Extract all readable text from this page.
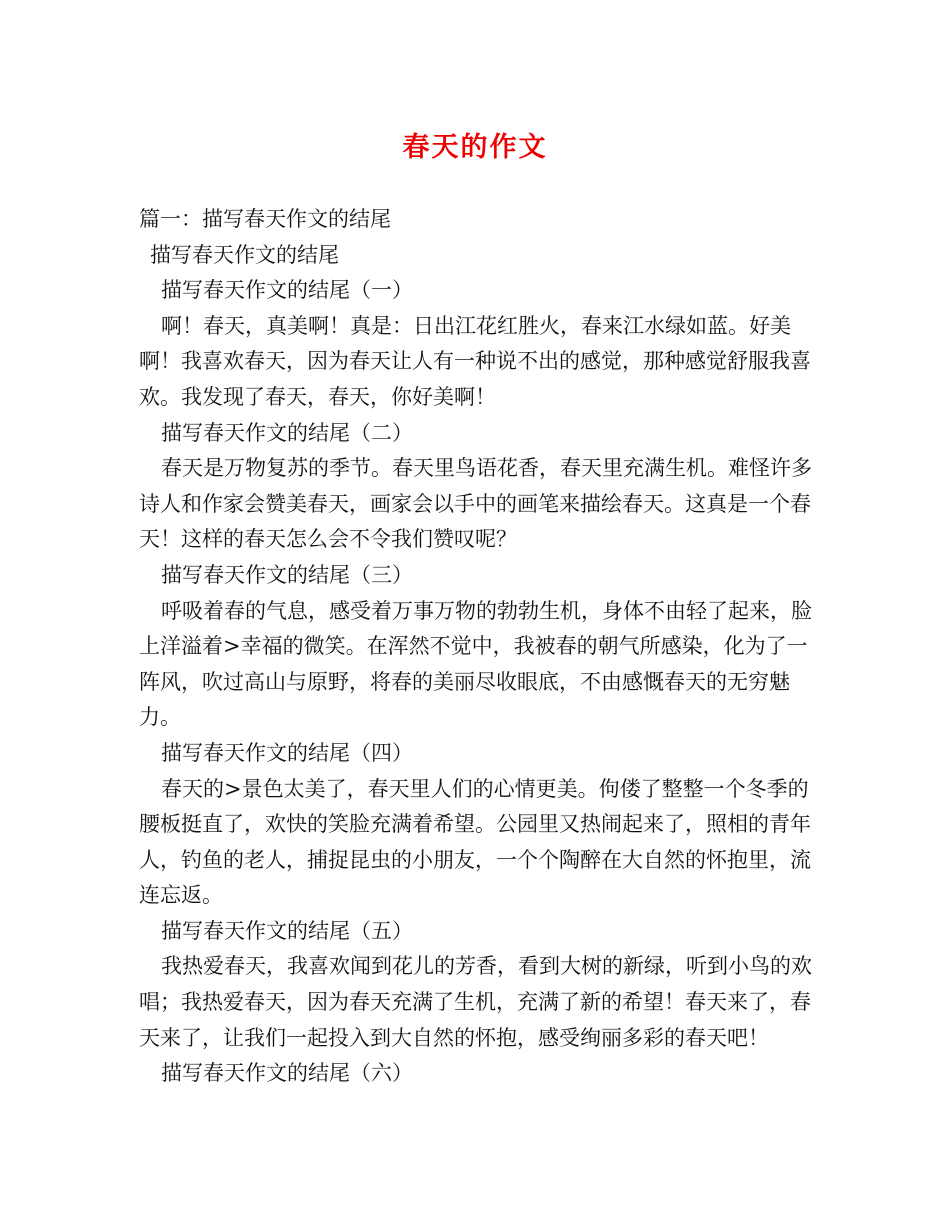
春天的作文

篇一：描写春天作文的结尾

描写春天作文的结尾

描写春天作文的结尾（一）

啊！春天，真美啊！真是：日出江花红胜火，春来江水绿如蓝。好美啊！我喜欢春天，因为春天让人有一种说不出的感觉，那种感觉舒服我喜欢。我发现了春天，春天，你好美啊！

描写春天作文的结尾（二）

春天是万物复苏的季节。春天里鸟语花香，春天里充满生机。难怪许多诗人和作家会赞美春天，画家会以手中的画笔来描绘春天。这真是一个春天！这样的春天怎么会不令我们赞叹呢？

描写春天作文的结尾（三）

呼吸着春的气息，感受着万事万物的勃勃生机，身体不由轻了起来，脸上洋溢着>幸福的微笑。在浑然不觉中，我被春的朝气所感染，化为了一阵风，吹过高山与原野，将春的美丽尽收眼底，不由感慨春天的无穷魅力。

描写春天作文的结尾（四）

春天的>景色太美了，春天里人们的心情更美。佝偻了整整一个冬季的腰板挺直了，欢快的笑脸充满着希望。公园里又热闹起来了，照相的青年人，钓鱼的老人，捕捉昆虫的小朋友，一个个陶醉在大自然的怀抱里，流连忘返。

描写春天作文的结尾（五）

我热爱春天，我喜欢闻到花儿的芳香，看到大树的新绿，听到小鸟的欢唱；我热爱春天，因为春天充满了生机，充满了新的希望！春天来了，春天来了，让我们一起投入到大自然的怀抱，感受绚丽多彩的春天吧！

描写春天作文的结尾（六）
